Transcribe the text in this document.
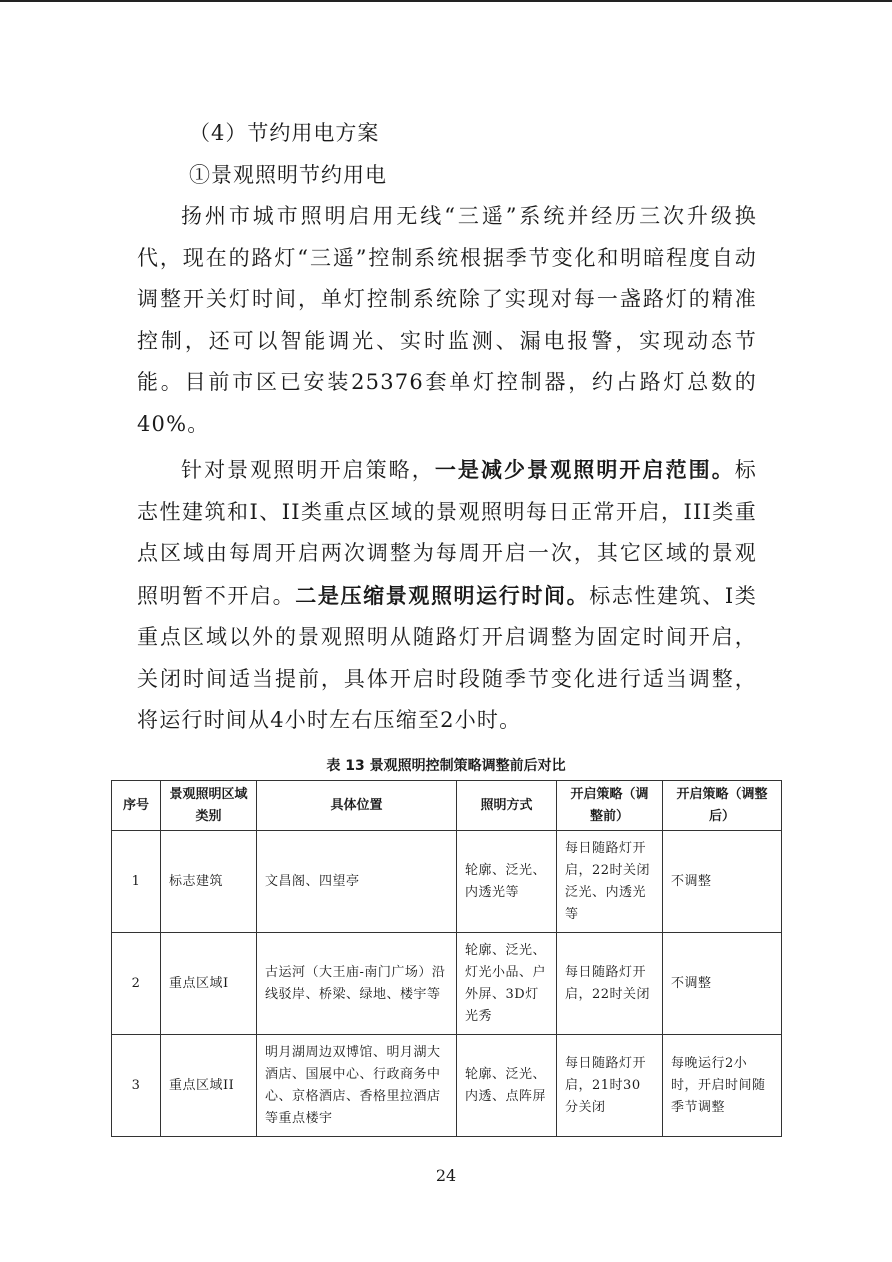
（4）节约用电方案

①景观照明节约用电

扬州市城市照明启用无线“三遥”系统并经历三次升级换代，现在的路灯“三遥”控制系统根据季节变化和明暗程度自动调整开关灯时间，单灯控制系统除了实现对每一盏路灯的精准控制，还可以智能调光、实时监测、漏电报警，实现动态节能。目前市区已安装25376套单灯控制器，约占路灯总数的40%。

针对景观照明开启策略，一是减少景观照明开启范围。标志性建筑和I、II类重点区域的景观照明每日正常开启，III类重点区域由每周开启两次调整为每周开启一次，其它区域的景观照明暂不开启。二是压缩景观照明运行时间。标志性建筑、I类重点区域以外的景观照明从随路灯开启调整为固定时间开启，关闭时间适当提前，具体开启时段随季节变化进行适当调整，将运行时间从4小时左右压缩至2小时。

表 13 景观照明控制策略调整前后对比
序号	景观照明区域类别	具体位置	照明方式	开启策略（调整前）	开启策略（调整后）
1	标志建筑	文昌阁、四望亭	轮廓、泛光、内透光等	每日随路灯开启，22时关闭泛光、内透光等	不调整
2	重点区域I	古运河（大王庙-南门广场）沿线驳岸、桥梁、绿地、楼宇等	轮廓、泛光、灯光小品、户外屏、3D灯光秀	每日随路灯开启，22时关闭	不调整
3	重点区域II	明月湖周边双博馆、明月湖大酒店、国展中心、行政商务中心、京格酒店、香格里拉酒店等重点楼宇	轮廓、泛光、内透、点阵屏	每日随路灯开启，21时30分关闭	每晚运行2小时，开启时间随季节调整
24
